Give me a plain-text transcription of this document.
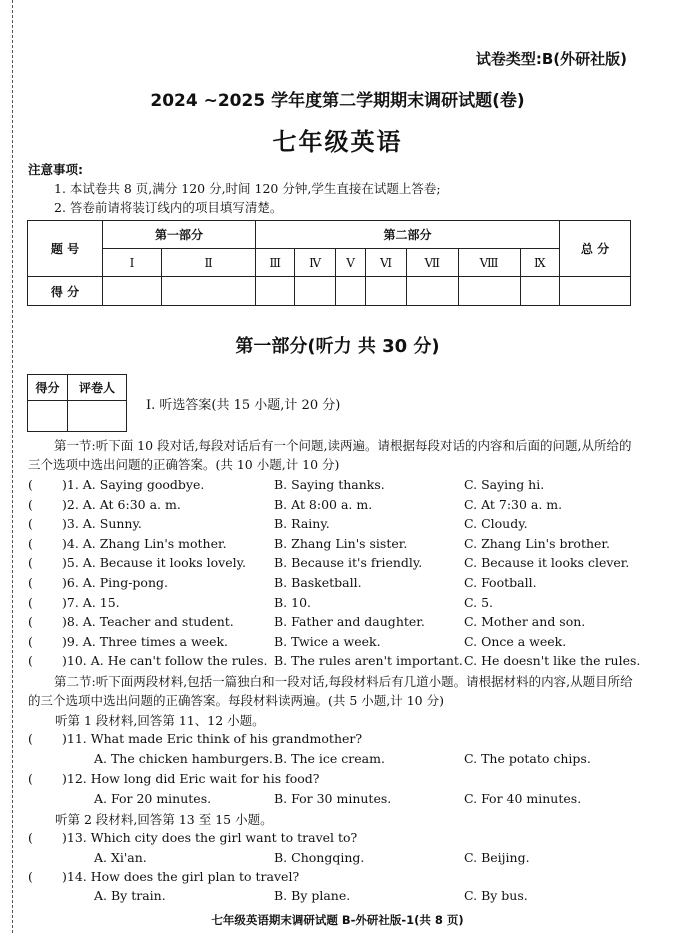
试卷类型:B(外研社版)
2024 ~2025 学年度第二学期期末调研试题(卷)
七年级英语
注意事项:
1. 本试卷共 8 页,满分 120 分,时间 120 分钟,学生直接在试题上答卷;
2. 答卷前请将装订线内的项目填写清楚。
题 号	第一部分		第二部分							总 分
	Ⅰ	Ⅱ	Ⅲ	Ⅳ	Ⅴ	Ⅵ	Ⅶ	Ⅷ	Ⅸ	
得 分										
第一部分(听力 共 30 分)
得分	评卷人

Ⅰ. 听选答案(共 15 小题,计 20 分)
第一节:听下面 10 段对话,每段对话后有一个问题,读两遍。请根据每段对话的内容和后面的问题,从所给的三个选项中选出问题的正确答案。(共 10 小题,计 10 分)
( )1. A. Saying goodbye.	B. Saying thanks.	C. Saying hi.
( )2. A. At 6:30 a. m.	B. At 8:00 a. m.	C. At 7:30 a. m.
( )3. A. Sunny.	B. Rainy.	C. Cloudy.
( )4. A. Zhang Lin's mother.	B. Zhang Lin's sister.	C. Zhang Lin's brother.
( )5. A. Because it looks lovely. B. Because it's friendly.	C. Because it looks clever.
( )6. A. Ping-pong.	B. Basketball.	C. Football.
( )7. A. 15.	B. 10.	C. 5.
( )8. A. Teacher and student.	B. Father and daughter.	C. Mother and son.
( )9. A. Three times a week.	B. Twice a week.	C. Once a week.
( )10. A. He can't follow the rules. B. The rules aren't important. C. He doesn't like the rules.
第二节:听下面两段材料,包括一篇独白和一段对话,每段材料后有几道小题。请根据材料的内容,从题目所给的三个选项中选出问题的正确答案。每段材料读两遍。(共 5 小题,计 10 分)
听第 1 段材料,回答第 11、12 小题。
( )11. What made Eric think of his grandmother?
A. The chicken hamburgers. B. The ice cream.	C. The potato chips.
( )12. How long did Eric wait for his food?
A. For 20 minutes.	B. For 30 minutes.	C. For 40 minutes.
听第 2 段材料,回答第 13 至 15 小题。
( )13. Which city does the girl want to travel to?
A. Xi'an.	B. Chongqing.	C. Beijing.
( )14. How does the girl plan to travel?
A. By train.	B. By plane.	C. By bus.
七年级英语期末调研试题 B-外研社版-1(共 8 页)
